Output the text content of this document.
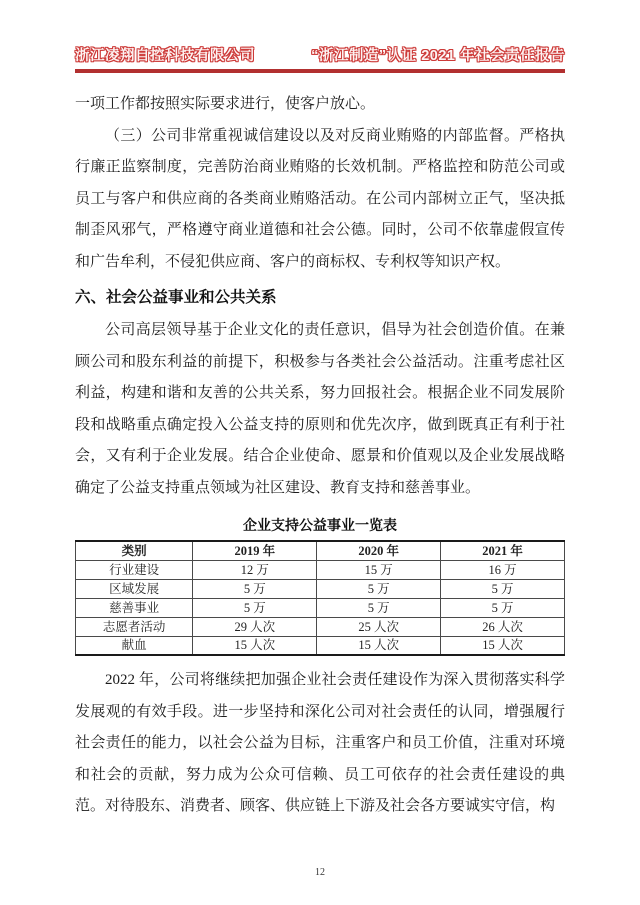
浙江凌翔自控科技有限公司	“浙江制造”认证 2021 年社会责任报告

一项工作都按照实际要求进行，使客户放心。

（三）公司非常重视诚信建设以及对反商业贿赂的内部监督。严格执行廉正监察制度，完善防治商业贿赂的长效机制。严格监控和防范公司或员工与客户和供应商的各类商业贿赂活动。在公司内部树立正气，坚决抵制歪风邪气，严格遵守商业道德和社会公德。同时，公司不依靠虚假宣传和广告牟利，不侵犯供应商、客户的商标权、专利权等知识产权。

六、社会公益事业和公共关系

公司高层领导基于企业文化的责任意识，倡导为社会创造价值。在兼顾公司和股东利益的前提下，积极参与各类社会公益活动。注重考虑社区利益，构建和谐和友善的公共关系，努力回报社会。根据企业不同发展阶段和战略重点确定投入公益支持的原则和优先次序，做到既真正有利于社会，又有利于企业发展。结合企业使命、愿景和价值观以及企业发展战略确定了公益支持重点领域为社区建设、教育支持和慈善事业。

企业支持公益事业一览表
类别	2019 年	2020 年	2021 年
行业建设	12 万	15 万	16 万
区域发展	5 万	5 万	5 万
慈善事业	5 万	5 万	5 万
志愿者活动	29 人次	25 人次	26 人次
献血	15 人次	15 人次	15 人次

2022 年，公司将继续把加强企业社会责任建设作为深入贯彻落实科学发展观的有效手段。进一步坚持和深化公司对社会责任的认同，增强履行社会责任的能力，以社会公益为目标，注重客户和员工价值，注重对环境和社会的贡献，努力成为公众可信赖、员工可依存的社会责任建设的典范。对待股东、消费者、顾客、供应链上下游及社会各方要诚实守信，构

12
